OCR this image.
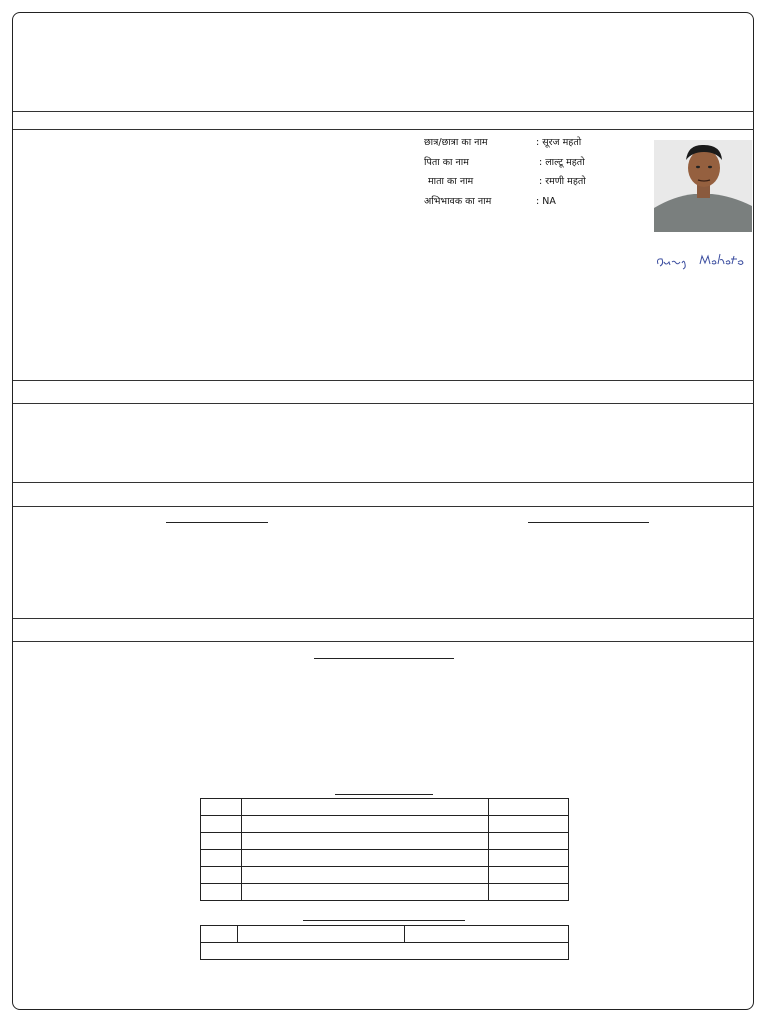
छात्र/छात्रा का नाम	: सूरज महतो
पिता का नाम	: लाल्टू महतो
माता का नाम	: रमणी महतो
अभिभावक का नाम	: NA
